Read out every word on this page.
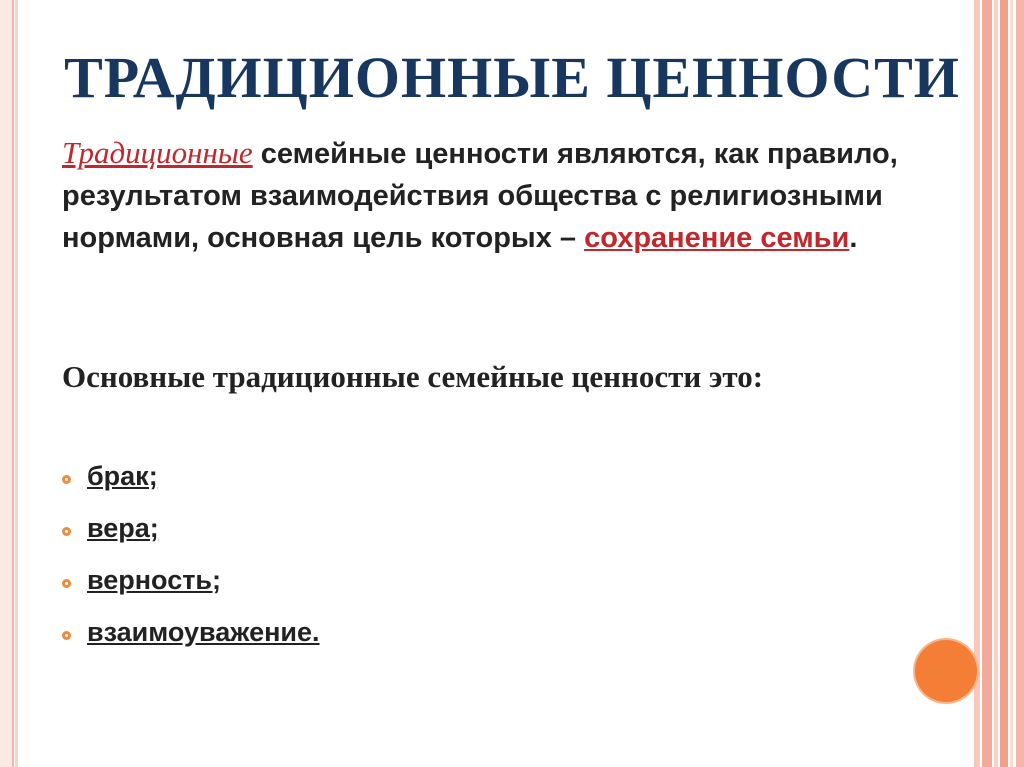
ТРАДИЦИОННЫЕ ЦЕННОСТИ
Традиционные семейные ценности являются, как правило, результатом взаимодействия общества с религиозными нормами, основная цель которых – сохранение семьи.
Основные традиционные семейные ценности это:
брак;
вера;
верность;
взаимоуважение.
